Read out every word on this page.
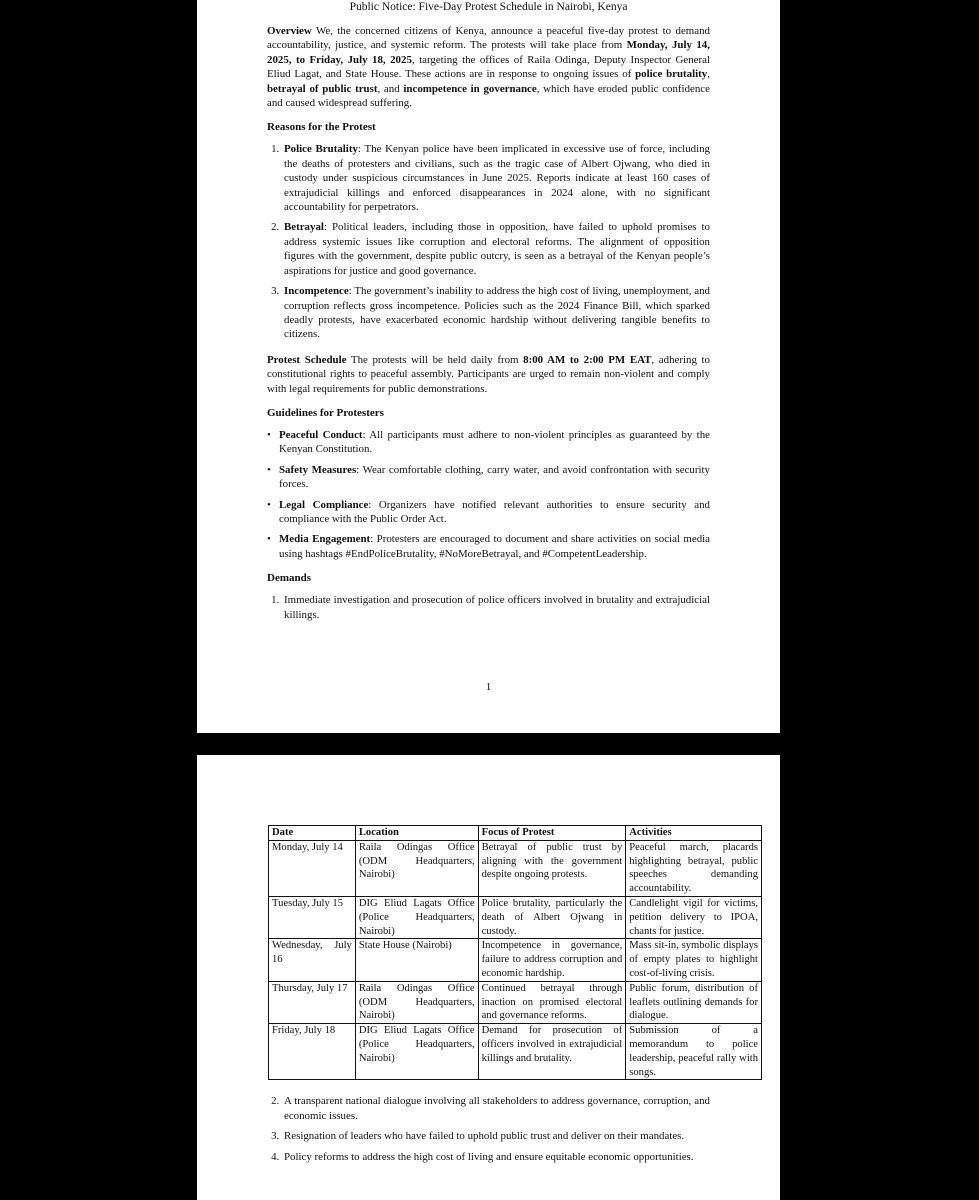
Public Notice: Five-Day Protest Schedule in Nairobi, Kenya

Overview We, the concerned citizens of Kenya, announce a peaceful five-day protest to demand accountability, justice, and systemic reform. The protests will take place from Monday, July 14, 2025, to Friday, July 18, 2025, targeting the offices of Raila Odinga, Deputy Inspector General Eliud Lagat, and State House. These actions are in response to ongoing issues of police brutality, betrayal of public trust, and incompetence in governance, which have eroded public confidence and caused widespread suffering.

Reasons for the Protest
1. Police Brutality: The Kenyan police have been implicated in excessive use of force, including the deaths of protesters and civilians, such as the tragic case of Albert Ojwang, who died in custody under suspicious circumstances in June 2025. Reports indicate at least 160 cases of extrajudicial killings and enforced disappearances in 2024 alone, with no significant accountability for perpetrators.
2. Betrayal: Political leaders, including those in opposition, have failed to uphold promises to address systemic issues like corruption and electoral reforms. The alignment of opposition figures with the government, despite public outcry, is seen as a betrayal of the Kenyan people’s aspirations for justice and good governance.
3. Incompetence: The government’s inability to address the high cost of living, unemployment, and corruption reflects gross incompetence. Policies such as the 2024 Finance Bill, which sparked deadly protests, have exacerbated economic hardship without delivering tangible benefits to citizens.

Protest Schedule The protests will be held daily from 8:00 AM to 2:00 PM EAT, adhering to constitutional rights to peaceful assembly. Participants are urged to remain non-violent and comply with legal requirements for public demonstrations.

Guidelines for Protesters
• Peaceful Conduct: All participants must adhere to non-violent principles as guaranteed by the Kenyan Constitution.
• Safety Measures: Wear comfortable clothing, carry water, and avoid confrontation with security forces.
• Legal Compliance: Organizers have notified relevant authorities to ensure security and compliance with the Public Order Act.
• Media Engagement: Protesters are encouraged to document and share activities on social media using hashtags #EndPoliceBrutality, #NoMoreBetrayal, and #CompetentLeadership.
Demands
1. Immediate investigation and prosecution of police officers involved in brutality and extrajudicial killings.
1
Date	Location	Focus of Protest	Activities
Monday, July 14	Raila Odingas Office (ODM Headquarters, Nairobi)	Betrayal of public trust by aligning with the government despite ongoing protests.	Peaceful march, placards highlighting betrayal, public speeches demanding accountability.
Tuesday, July 15	DIG Eliud Lagats Office (Police Headquarters, Nairobi)	Police brutality, particularly the death of Albert Ojwang in custody.	Candlelight vigil for victims, petition delivery to IPOA, chants for justice.
Wednesday, July 16	State House (Nairobi)	Incompetence in governance, failure to address corruption and economic hardship.	Mass sit-in, symbolic displays of empty plates to highlight cost-of-living crisis.
Thursday, July 17	Raila Odingas Office (ODM Headquarters, Nairobi)	Continued betrayal through inaction on promised electoral and governance reforms.	Public forum, distribution of leaflets outlining demands for dialogue.
Friday, July 18	DIG Eliud Lagats Office (Police Headquarters, Nairobi)	Demand for prosecution of officers involved in extrajudicial killings and brutality.	Submission of a memorandum to police leadership, peaceful rally with songs.
2. A transparent national dialogue involving all stakeholders to address governance, corruption, and economic issues.
3. Resignation of leaders who have failed to uphold public trust and deliver on their mandates.
4. Policy reforms to address the high cost of living and ensure equitable economic opportunities.
